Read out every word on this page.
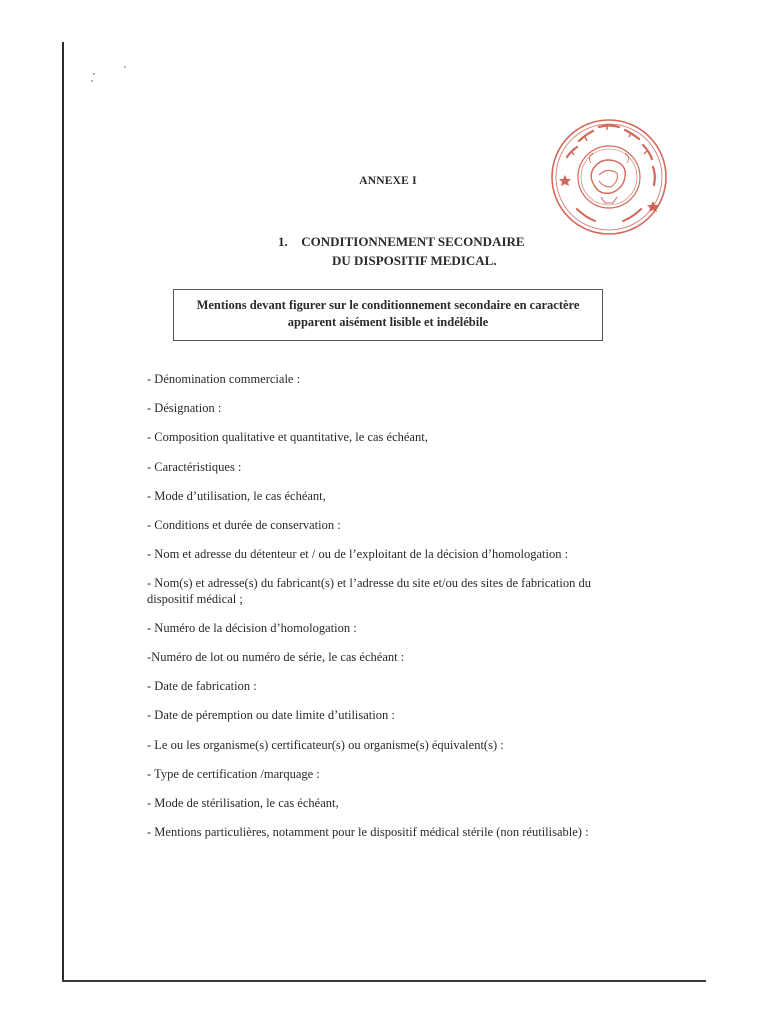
ANNEXE I
1. CONDITIONNEMENT SECONDAIRE
DU DISPOSITIF MEDICAL.
Mentions devant figurer sur le conditionnement secondaire en caractère
apparent aisément lisible et indélébile
- Dénomination commerciale :
- Désignation :
- Composition qualitative et quantitative, le cas échéant,
- Caractéristiques :
- Mode d’utilisation, le cas échéant,
- Conditions et durée de conservation :
- Nom et adresse du détenteur et / ou de l’exploitant de la décision d’homologation :
- Nom(s) et adresse(s) du fabricant(s) et l’adresse du site et/ou des sites de fabrication du dispositif médical ;
- Numéro de la décision d’homologation :
-Numéro de lot ou numéro de série, le cas échéant :
- Date de fabrication :
- Date de péremption ou date limite d’utilisation :
- Le ou les organisme(s) certificateur(s) ou organisme(s) équivalent(s) :
- Type de certification /marquage :
- Mode de stérilisation, le cas échéant,
- Mentions particulières, notamment pour le dispositif médical stérile (non réutilisable) :
